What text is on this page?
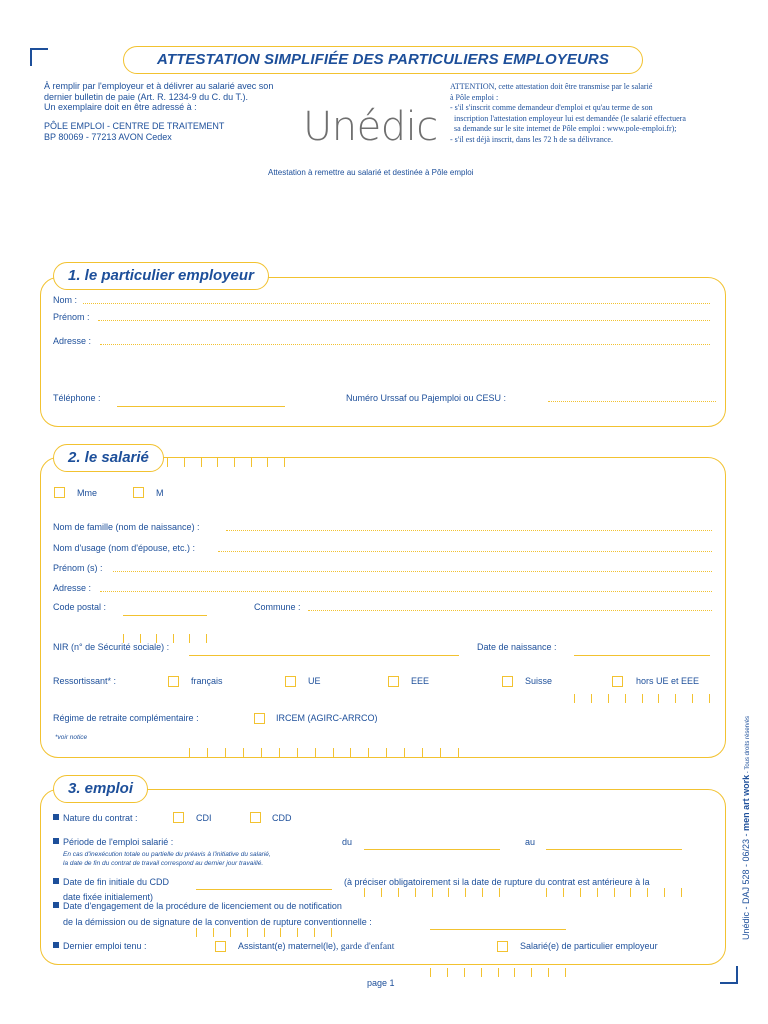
ATTESTATION SIMPLIFIÉE DES PARTICULIERS EMPLOYEURS
À remplir par l'employeur et à délivrer au salarié avec son
dernier bulletin de paie (Art. R. 1234-9 du C. du T.).
Un exemplaire doit en être adressé à :
PÔLE EMPLOI - CENTRE DE TRAITEMENT
BP 80069 - 77213 AVON Cedex	Unédic
ATTENTION, cette attestation doit être transmise par le salarié
à Pôle emploi :
- s'il s'inscrit comme demandeur d'emploi et qu'au terme de son
inscription l'attestation employeur lui est demandée (le salarié effectuera
sa demande sur le site internet de Pôle emploi : www.pole-emploi.fr);
- s'il est déjà inscrit, dans les 72 h de sa délivrance.
Attestation à remettre au salarié et destinée à Pôle emploi
1. le particulier employeur
Nom :
Prénom :
Adresse :
Téléphone :	Numéro Urssaf ou Pajemploi ou CESU :
2. le salarié
Mme	M
Nom de famille (nom de naissance) :
Nom d'usage (nom d'épouse, etc.) :
Prénom (s) :
Adresse :
Code postal :	Commune :
NIR (n° de Sécurité sociale) :	Date de naissance :
Ressortissant* :	français	UE	EEE	Suisse	hors UE et EEE
Régime de retraite complémentaire :	IRCEM (AGIRC-ARRCO)
*voir notice
3. emploi
Nature du contrat :	CDI	CDD
Période de l'emploi salarié :	du	au
En cas d'inexécution totale ou partielle du préavis à l'initiative du salarié,
la date de fin du contrat de travail correspond au dernier jour travaillé.
Date de fin initiale du CDD	(à préciser obligatoirement si la date de rupture du contrat est antérieure à la
date fixée initialement)
Date d'engagement de la procédure de licenciement ou de notification
de la démission ou de signature de la convention de rupture conventionnelle :
Dernier emploi tenu :	Assistant(e) maternel(le), garde d'enfant	Salarié(e) de particulier employeur
page 1
Unédic - DAJ 528 - 06/23 - men art work - Tous droits réservés
